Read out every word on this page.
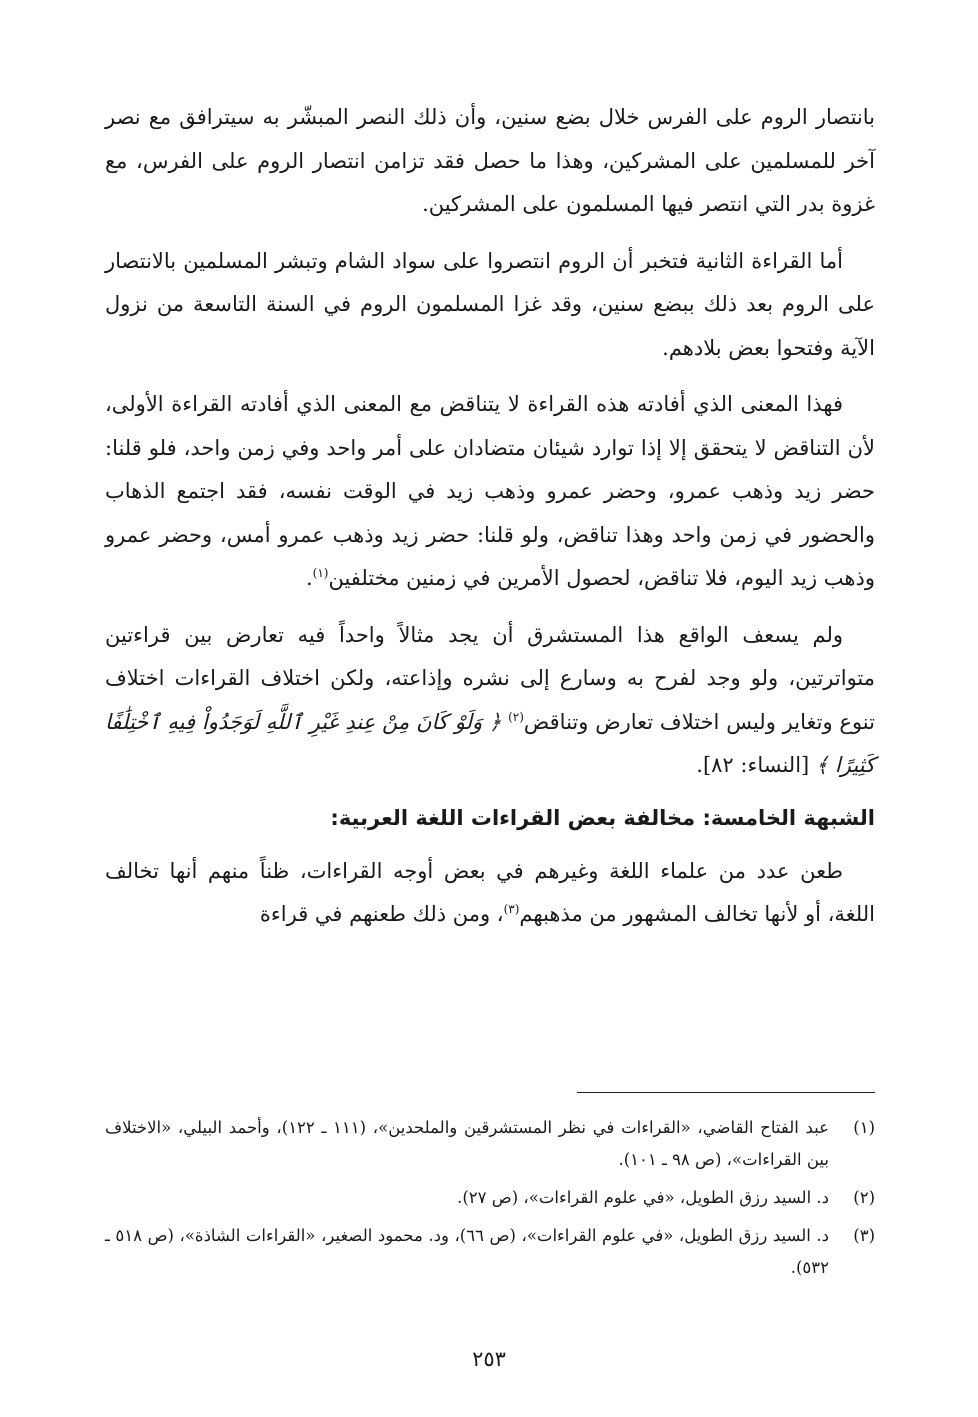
بانتصار الروم على الفرس خلال بضع سنين، وأن ذلك النصر المبشّر به سيترافق مع نصر آخر للمسلمين على المشركين، وهذا ما حصل فقد تزامن انتصار الروم على الفرس، مع غزوة بدر التي انتصر فيها المسلمون على المشركين.

أما القراءة الثانية فتخبر أن الروم انتصروا على سواد الشام وتبشر المسلمين بالانتصار على الروم بعد ذلك ببضع سنين، وقد غزا المسلمون الروم في السنة التاسعة من نزول الآية وفتحوا بعض بلادهم.

فهذا المعنى الذي أفادته هذه القراءة لا يتناقض مع المعنى الذي أفادته القراءة الأولى، لأن التناقض لا يتحقق إلا إذا توارد شيئان متضادان على أمر واحد وفي زمن واحد، فلو قلنا: حضر زيد وذهب عمرو، وحضر عمرو وذهب زيد في الوقت نفسه، فقد اجتمع الذهاب والحضور في زمن واحد وهذا تناقض، ولو قلنا: حضر زيد وذهب عمرو أمس، وحضر عمرو وذهب زيد اليوم، فلا تناقض، لحصول الأمرين في زمنين مختلفين$^{(١)}$.

ولم يسعف الواقع هذا المستشرق أن يجد مثالاً واحداً فيه تعارض بين قراءتين متواترتين، ولو وجد لفرح به وسارع إلى نشره وإذاعته، ولكن اختلاف القراءات اختلاف تنوع وتغاير وليس اختلاف تعارض وتناقض$^{(٢)}$ ﴿ وَلَوْ كَانَ مِنْ عِندِ غَيْرِ ٱللَّهِ لَوَجَدُواْ فِيهِ ٱخْتِلَٰفًا كَثِيرًا ﴾ [النساء: ٨٢].

الشبهة الخامسة: مخالفة بعض القراءات اللغة العربية:

طعن عدد من علماء اللغة وغيرهم في بعض أوجه القراءات، ظناً منهم أنها تخالف اللغة، أو لأنها تخالف المشهور من مذهبهم$^{(٣)}$، ومن ذلك طعنهم في قراءة

(١)
عبد الفتاح القاضي، «القراءات في نظر المستشرقين والملحدين»، (١١١ ـ ١٢٢)، وأحمد البيلي، «الاختلاف بين القراءات»، (ص ٩٨ ـ ١٠١).
(٢)
د. السيد رزق الطويل، «في علوم القراءات»، (ص ٢٧).
(٣)
د. السيد رزق الطويل، «في علوم القراءات»، (ص ٦٦)، ود. محمود الصغير، «القراءات الشاذة»، (ص ٥١٨ ـ ٥٣٢).
٢٥٣
